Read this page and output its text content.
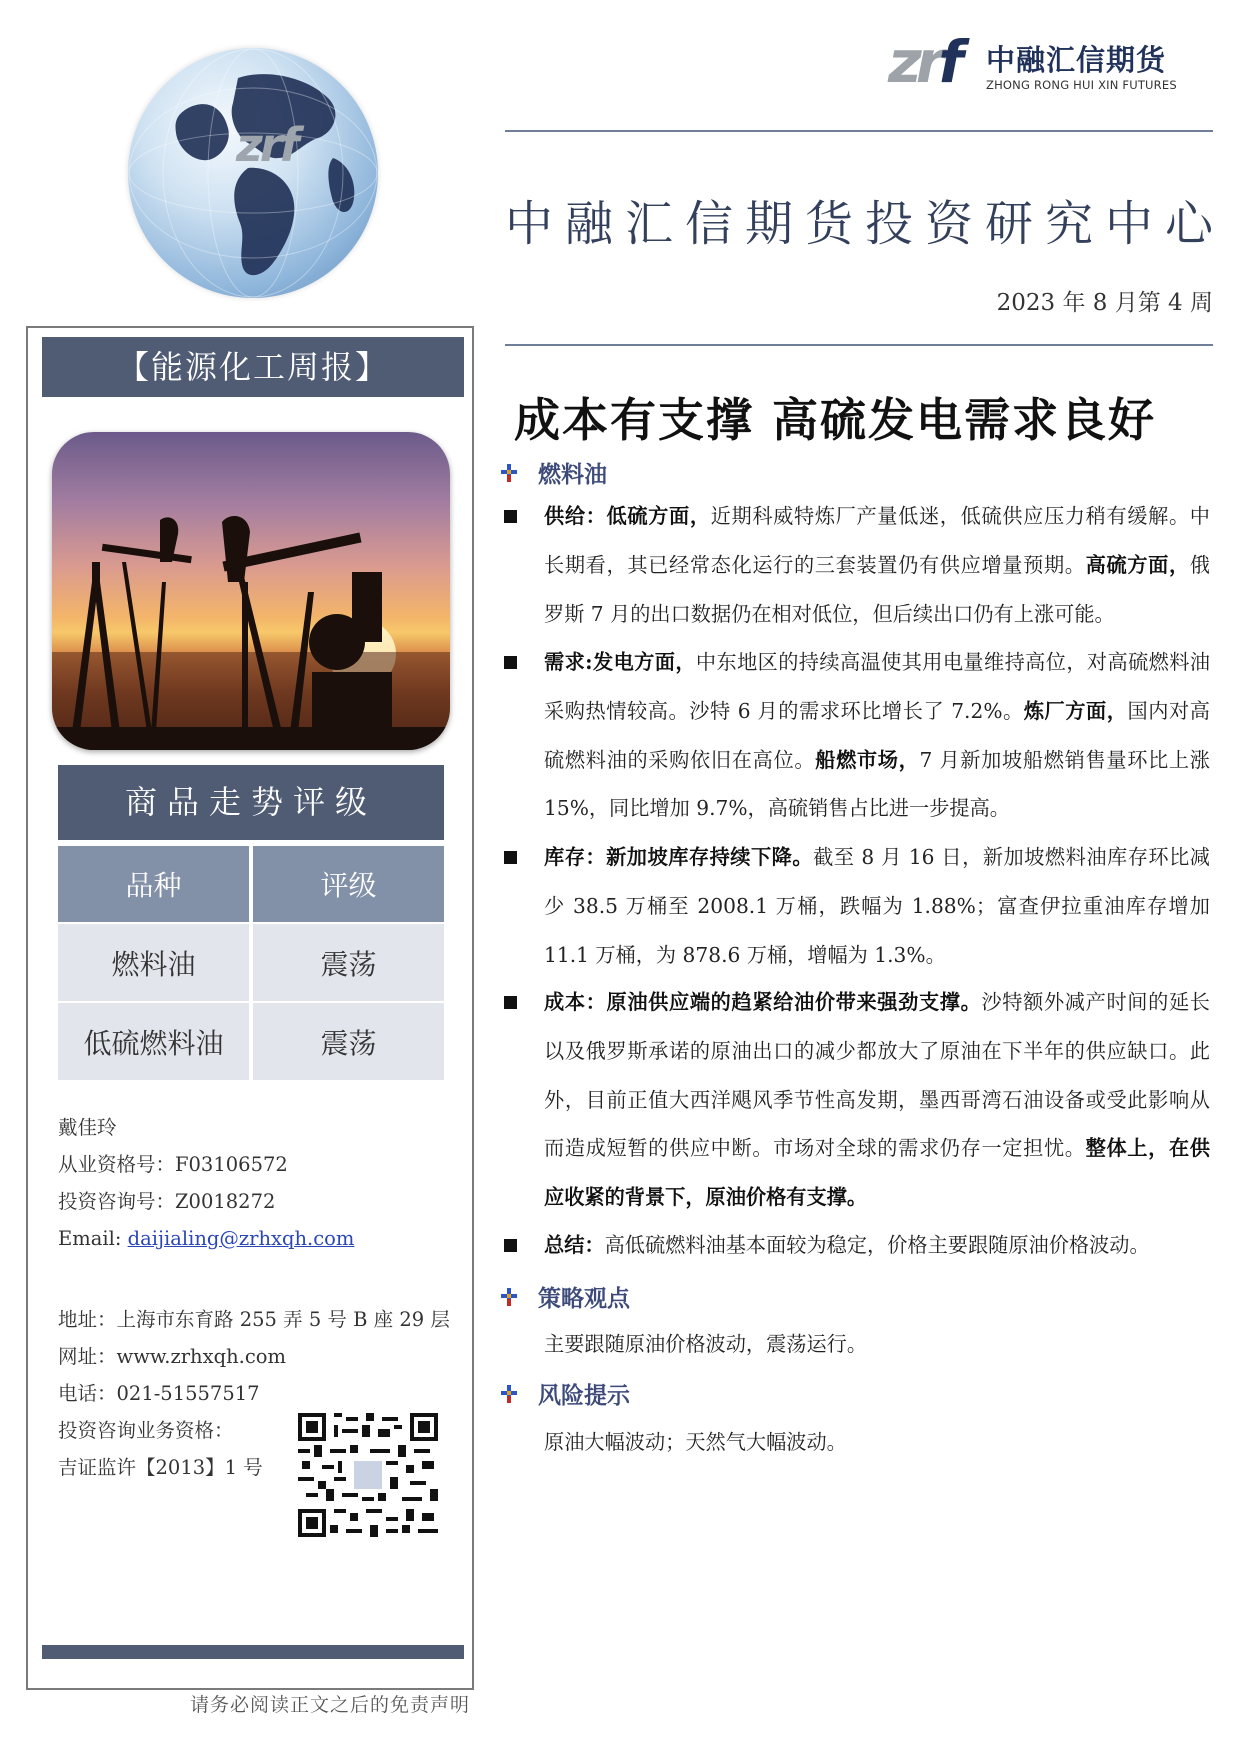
zrf
zrf 中融汇信期货
ZHONG RONG HUI XIN FUTURES
中融汇信期货投资研究中心
2023 年 8 月第 4 周
【能源化工周报】
商品走势评级
品种	评级
燃料油	震荡
低硫燃料油	震荡
戴佳玲
从业资格号：F03106572
投资咨询号：Z0018272
Email: daijialing@zrhxqh.com
地址：上海市东育路 255 弄 5 号 B 座 29 层
网址：www.zrhxqh.com
电话：021-51557517
投资咨询业务资格：
吉证监许【2013】1 号
请务必阅读正文之后的免责声明
成本有支撑 高硫发电需求良好
燃料油
供给：低硫方面，近期科威特炼厂产量低迷，低硫供应压力稍有缓解。中长期看，其已经常态化运行的三套装置仍有供应增量预期。高硫方面，俄罗斯 7 月的出口数据仍在相对低位，但后续出口仍有上涨可能。
需求:发电方面，中东地区的持续高温使其用电量维持高位，对高硫燃料油采购热情较高。沙特 6 月的需求环比增长了 7.2%。炼厂方面，国内对高硫燃料油的采购依旧在高位。船燃市场，7 月新加坡船燃销售量环比上涨 15%，同比增加 9.7%，高硫销售占比进一步提高。
库存：新加坡库存持续下降。截至 8 月 16 日，新加坡燃料油库存环比减少 38.5 万桶至 2008.1 万桶，跌幅为 1.88%；富查伊拉重油库存增加 11.1 万桶，为 878.6 万桶，增幅为 1.3%。
成本：原油供应端的趋紧给油价带来强劲支撑。沙特额外减产时间的延长以及俄罗斯承诺的原油出口的减少都放大了原油在下半年的供应缺口。此外，目前正值大西洋飓风季节性高发期，墨西哥湾石油设备或受此影响从而造成短暂的供应中断。市场对全球的需求仍存一定担忧。整体上，在供应收紧的背景下，原油价格有支撑。
总结：高低硫燃料油基本面较为稳定，价格主要跟随原油价格波动。
策略观点
主要跟随原油价格波动，震荡运行。
风险提示
原油大幅波动；天然气大幅波动。
